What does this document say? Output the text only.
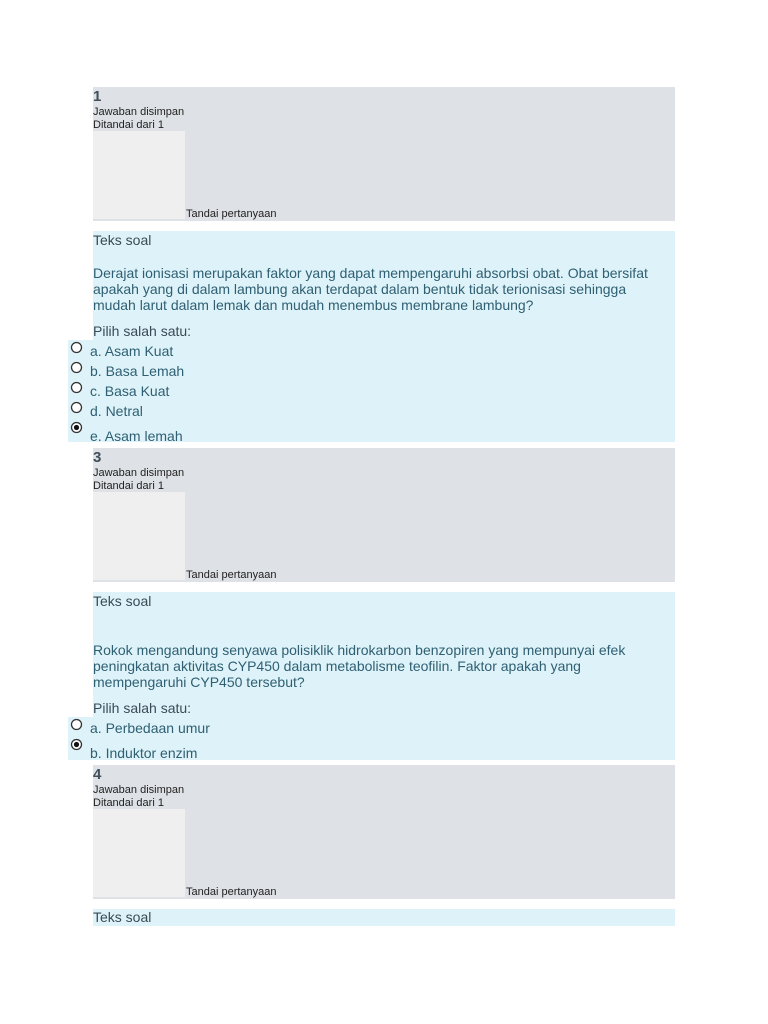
1
Jawaban disimpan
Ditandai dari 1
Tandai pertanyaan
Teks soal
Derajat ionisasi merupakan faktor yang dapat mempengaruhi absorbsi obat. Obat bersifat apakah yang di dalam lambung akan terdapat dalam bentuk tidak terionisasi sehingga mudah larut dalam lemak dan mudah menembus membrane lambung?
Pilih salah satu:
a. Asam Kuat
b. Basa Lemah
c. Basa Kuat
d. Netral
e. Asam lemah
3
Jawaban disimpan
Ditandai dari 1
Tandai pertanyaan
Teks soal
Rokok mengandung senyawa polisiklik hidrokarbon benzopiren yang mempunyai efek peningkatan aktivitas CYP450 dalam metabolisme teofilin. Faktor apakah yang mempengaruhi CYP450 tersebut?
Pilih salah satu:
a. Perbedaan umur
b. Induktor enzim
4
Jawaban disimpan
Ditandai dari 1
Tandai pertanyaan
Teks soal
